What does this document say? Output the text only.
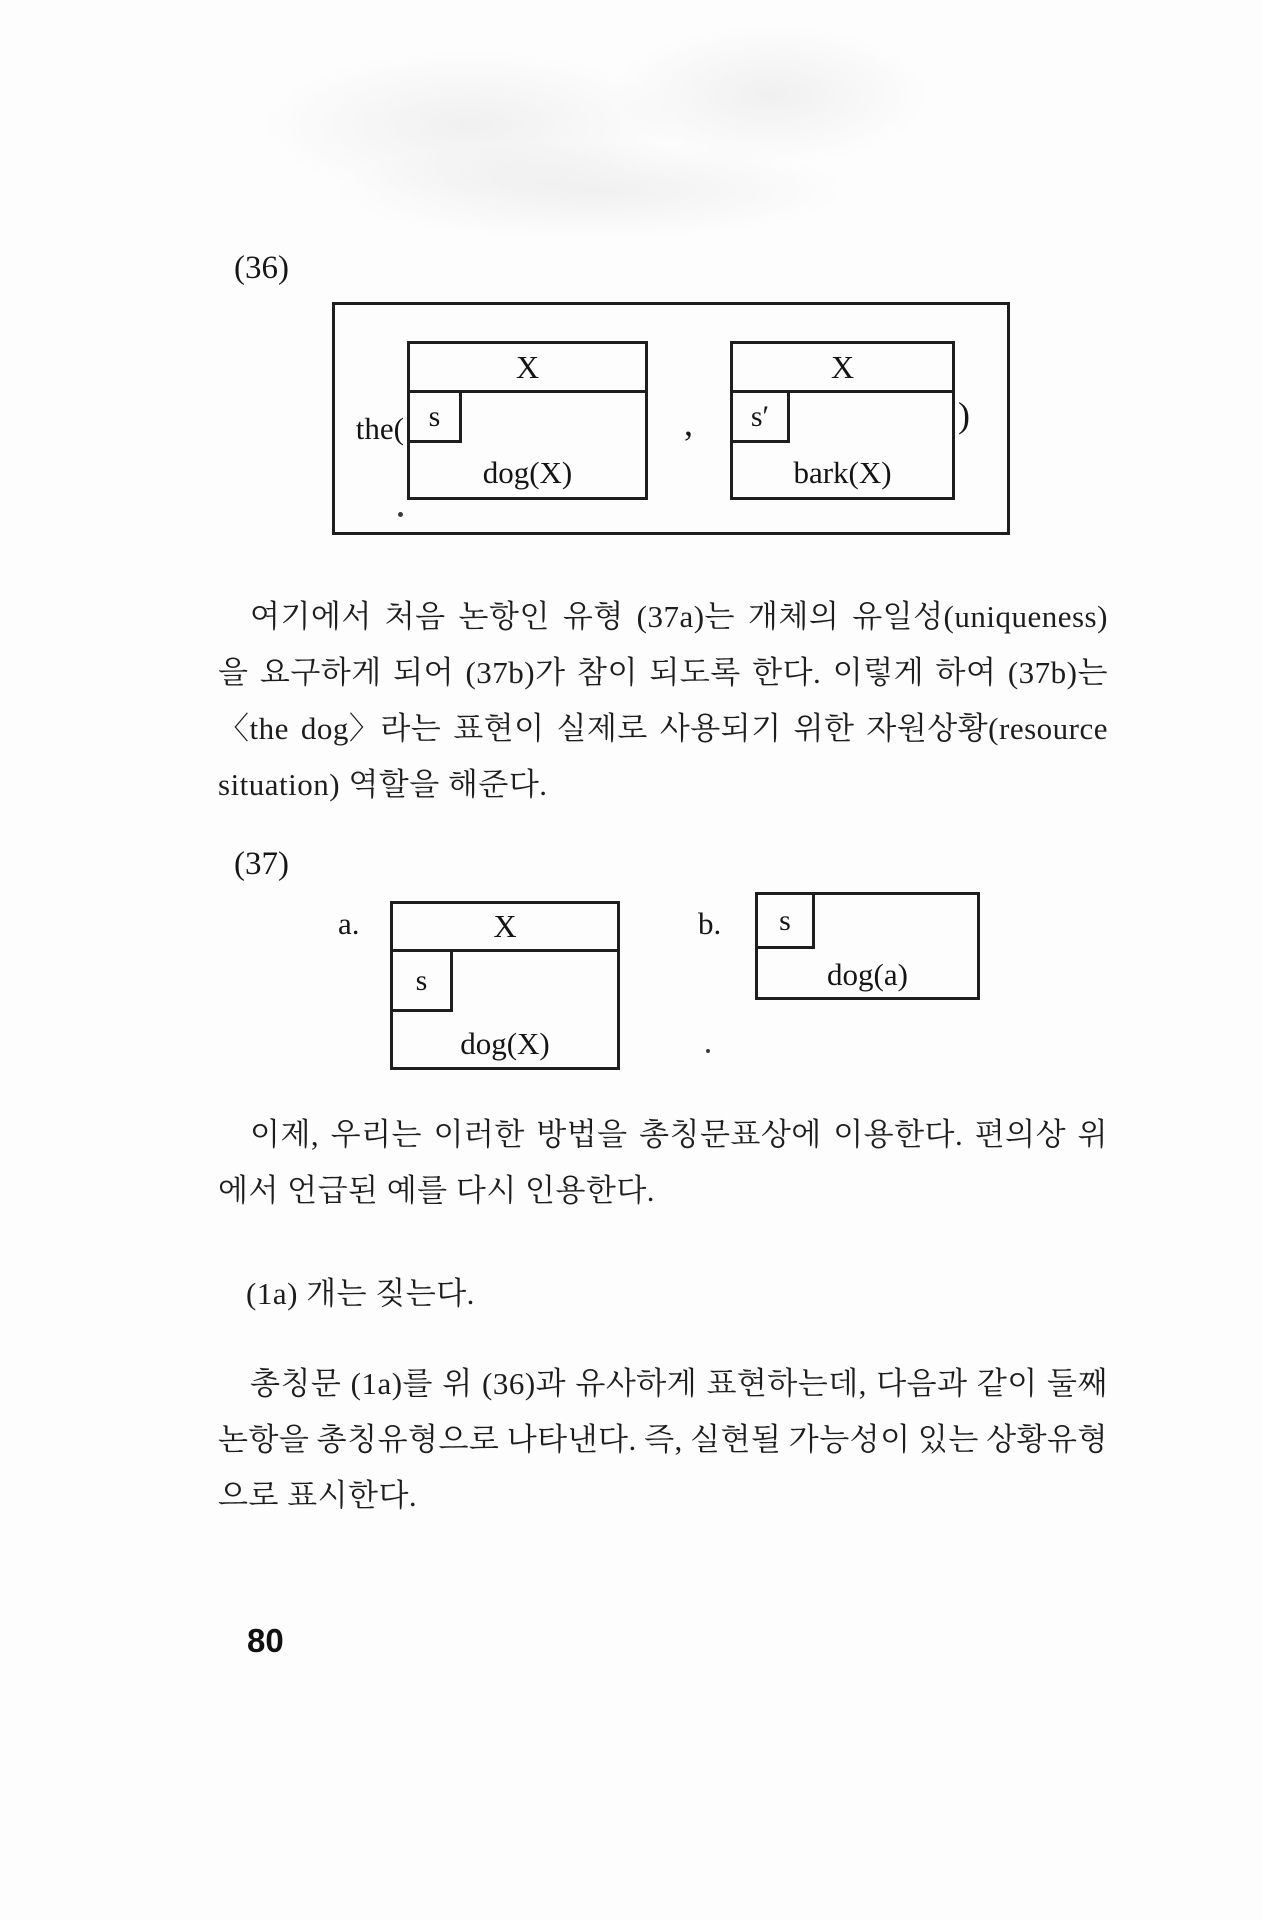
(36)
the(
X
s
dog(X)
,
X
s′
bark(X)
)
여기에서 처음 논항인 유형 (37a)는 개체의 유일성(uniqueness)
을 요구하게 되어 (37b)가 참이 되도록 한다. 이렇게 하여 (37b)는
〈the dog〉라는 표현이 실제로 사용되기 위한 자원상황(resource
situation) 역할을 해준다.
(37)
a.	X
s
dog(X)
b.	s
dog(a)
이제, 우리는 이러한 방법을 총칭문표상에 이용한다. 편의상 위
에서 언급된 예를 다시 인용한다.
(1a) 개는 짖는다.
총칭문 (1a)를 위 (36)과 유사하게 표현하는데, 다음과 같이 둘째
논항을 총칭유형으로 나타낸다. 즉, 실현될 가능성이 있는 상황유형
으로 표시한다.
80
